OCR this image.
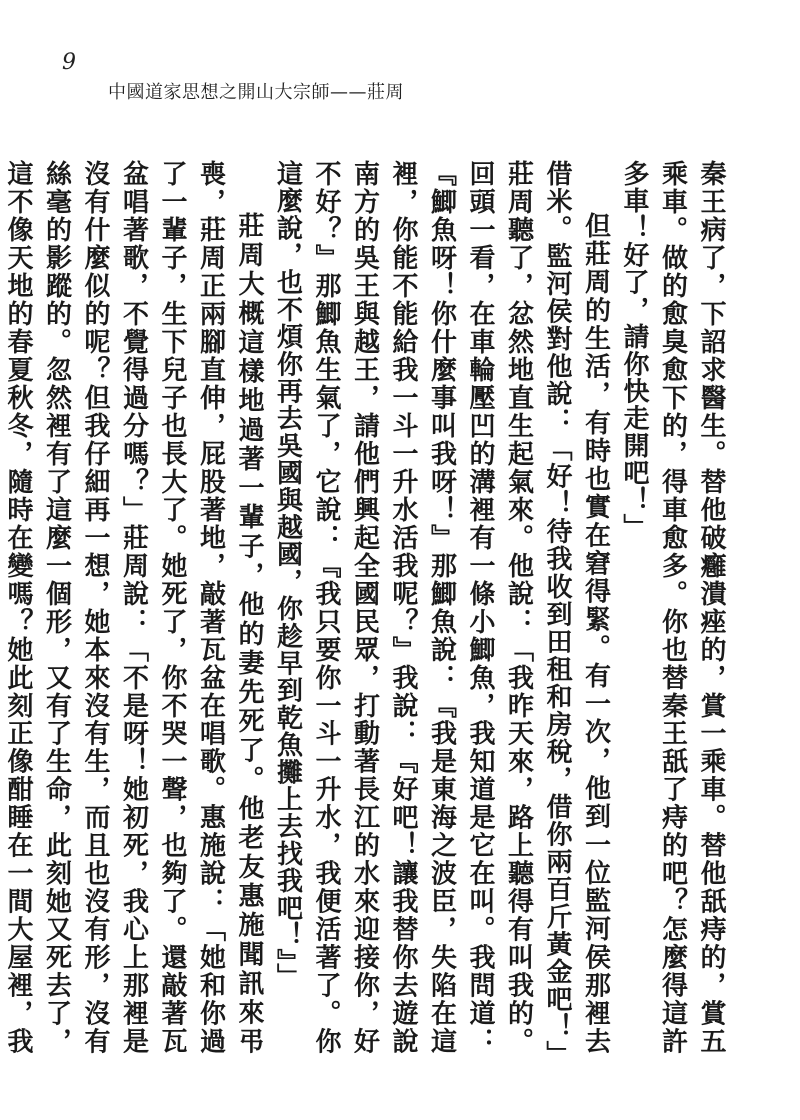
9
中國道家思想之開山大宗師——莊周

秦王病了，下詔求醫生。替他破癰潰痤的，賞一乘車。替他舐痔的，賞五乘車。做的愈臭愈下的，得車愈多。你也替秦王舐了痔的吧？怎麼得這許多車！好了，請你快走開吧！」

但莊周的生活，有時也實在窘得緊。有一次，他到一位監河侯那裡去借米。監河侯對他說：「好！待我收到田租和房稅，借你兩百斤黃金吧！」莊周聽了，忿然地直生起氣來。他說：「我昨天來，路上聽得有叫我的。回頭一看，在車輪壓凹的溝裡有一條小鯽魚，我知道是它在叫。我問道：『鯽魚呀！你什麼事叫我呀！』那鯽魚說：『我是東海之波臣，失陷在這裡，你能不能給我一斗一升水活我呢？』我說：『好吧！讓我替你去遊說南方的吳王與越王，請他們興起全國民眾，打動著長江的水來迎接你，好不好？』那鯽魚生氣了，它說：『我只要你一斗一升水，我便活著了。你這麼說，也不煩你再去吳國與越國，你趁早到乾魚攤上去找我吧！』」

莊周大概這樣地過著一輩子，他的妻先死了。他老友惠施聞訊來弔喪，莊周正兩腳直伸，屁股著地，敲著瓦盆在唱歌。惠施說：「她和你過了一輩子，生下兒子也長大了。她死了，你不哭一聲，也夠了。還敲著瓦盆唱著歌，不覺得過分嗎？」莊周說：「不是呀！她初死，我心上那裡是沒有什麼似的呢？但我仔細再一想，她本來沒有生，而且也沒有形，沒有絲毫的影蹤的。忽然裡有了這麼一個形，又有了生命，此刻她又死去了，這不像天地的春夏秋冬，隨時在變嗎？她此刻正像酣睡在一間大屋裡，我
